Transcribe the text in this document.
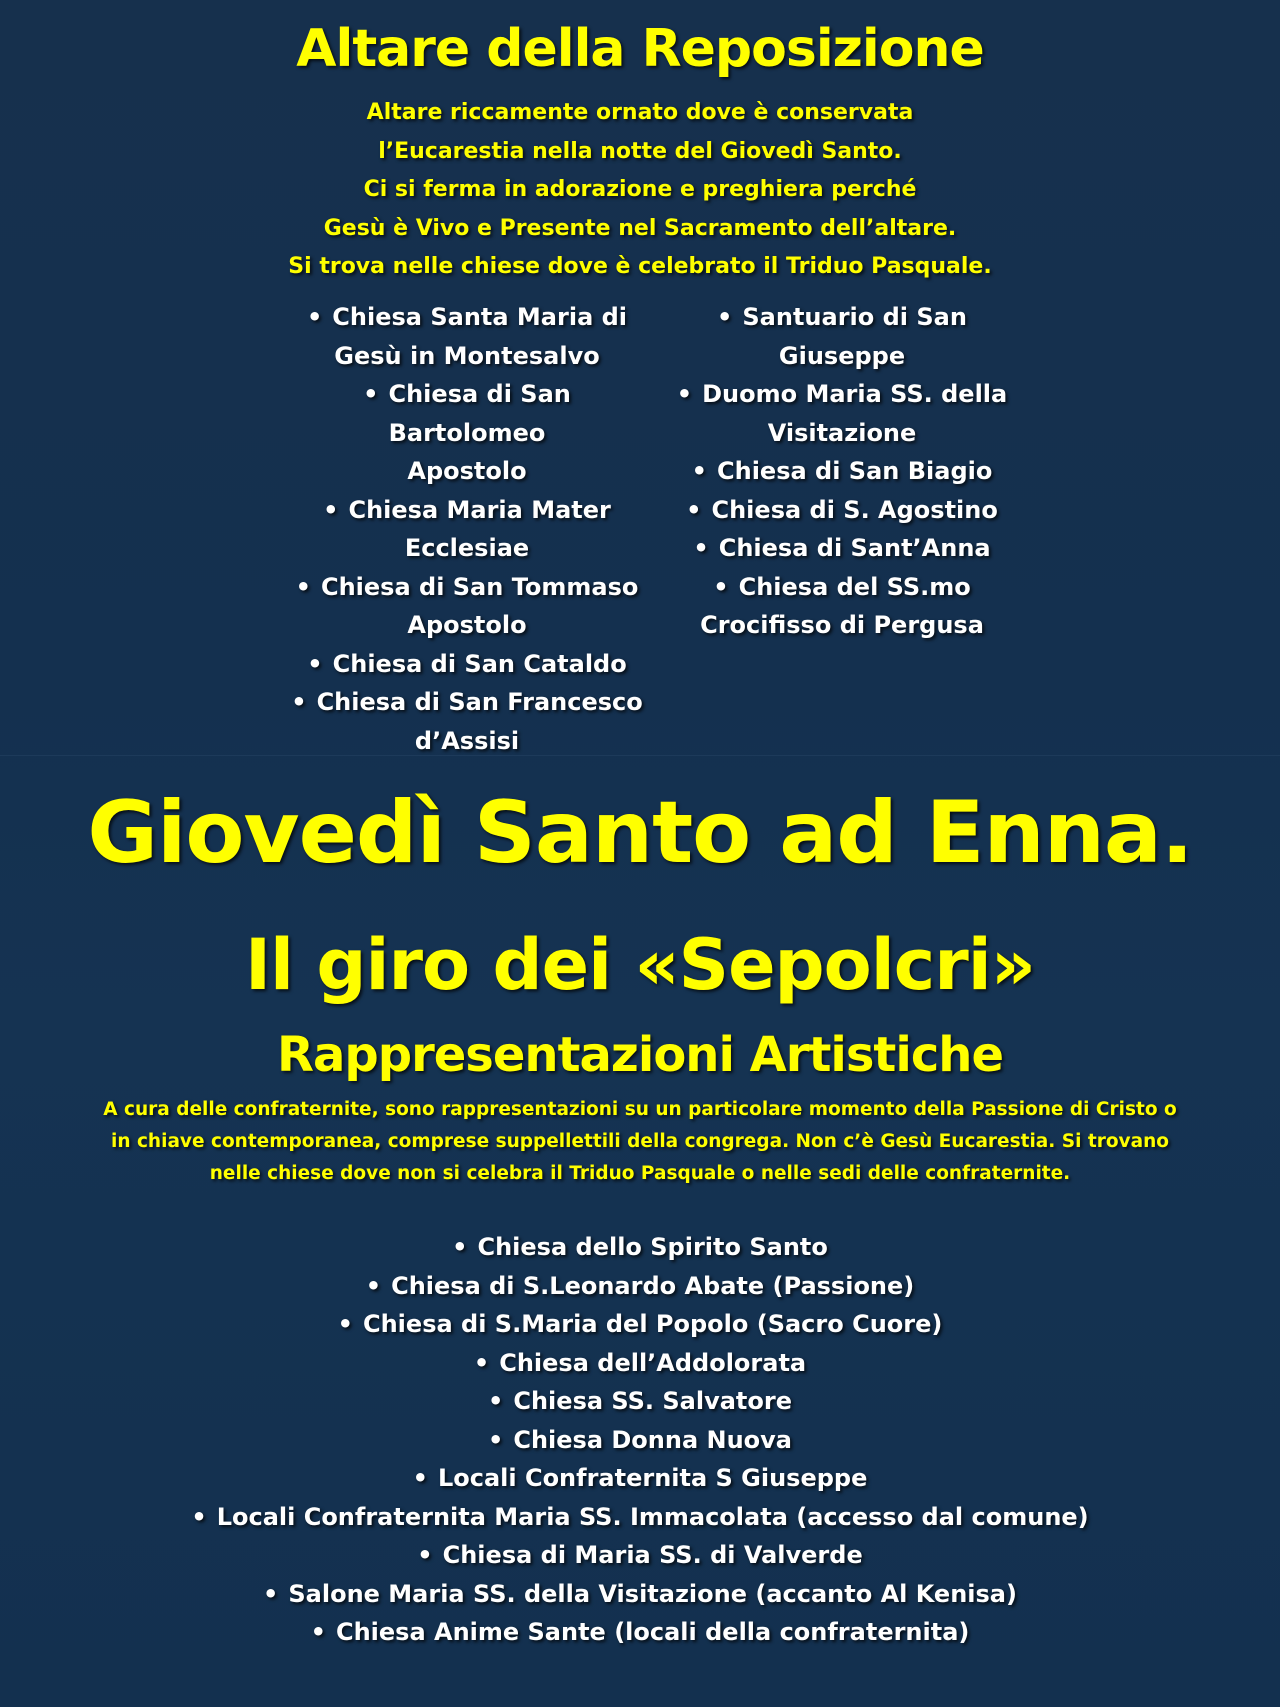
Altare della Reposizione
Altare riccamente ornato dove è conservata
l’Eucarestia nella notte del Giovedì Santo.
Ci si ferma in adorazione e preghiera perché
Gesù è Vivo e Presente nel Sacramento dell’altare.
Si trova nelle chiese dove è celebrato il Triduo Pasquale.
• Chiesa Santa Maria di
Gesù in Montesalvo
• Chiesa di San Bartolomeo
Apostolo
• Chiesa Maria Mater
Ecclesiae
• Chiesa di San Tommaso
Apostolo
• Chiesa di San Cataldo
• Chiesa di San Francesco
d’Assisi
• Santuario di San
Giuseppe
• Duomo Maria SS. della
Visitazione
• Chiesa di San Biagio
• Chiesa di S. Agostino
• Chiesa di Sant’Anna
• Chiesa del SS.mo
Crocifisso di Pergusa
Giovedì Santo ad Enna.
Il giro dei «Sepolcri»
Rappresentazioni Artistiche
A cura delle confraternite, sono rappresentazioni su un particolare momento della Passione di Cristo o
in chiave contemporanea, comprese suppellettili della congrega. Non c’è Gesù Eucarestia. Si trovano
nelle chiese dove non si celebra il Triduo Pasquale o nelle sedi delle confraternite.
• Chiesa dello Spirito Santo
• Chiesa di S.Leonardo Abate (Passione)
• Chiesa di S.Maria del Popolo (Sacro Cuore)
• Chiesa dell’Addolorata
• Chiesa SS. Salvatore
• Chiesa Donna Nuova
• Locali Confraternita S Giuseppe
• Locali Confraternita Maria SS. Immacolata (accesso dal comune)
• Chiesa di Maria SS. di Valverde
• Salone Maria SS. della Visitazione (accanto Al Kenisa)
• Chiesa Anime Sante (locali della confraternita)
